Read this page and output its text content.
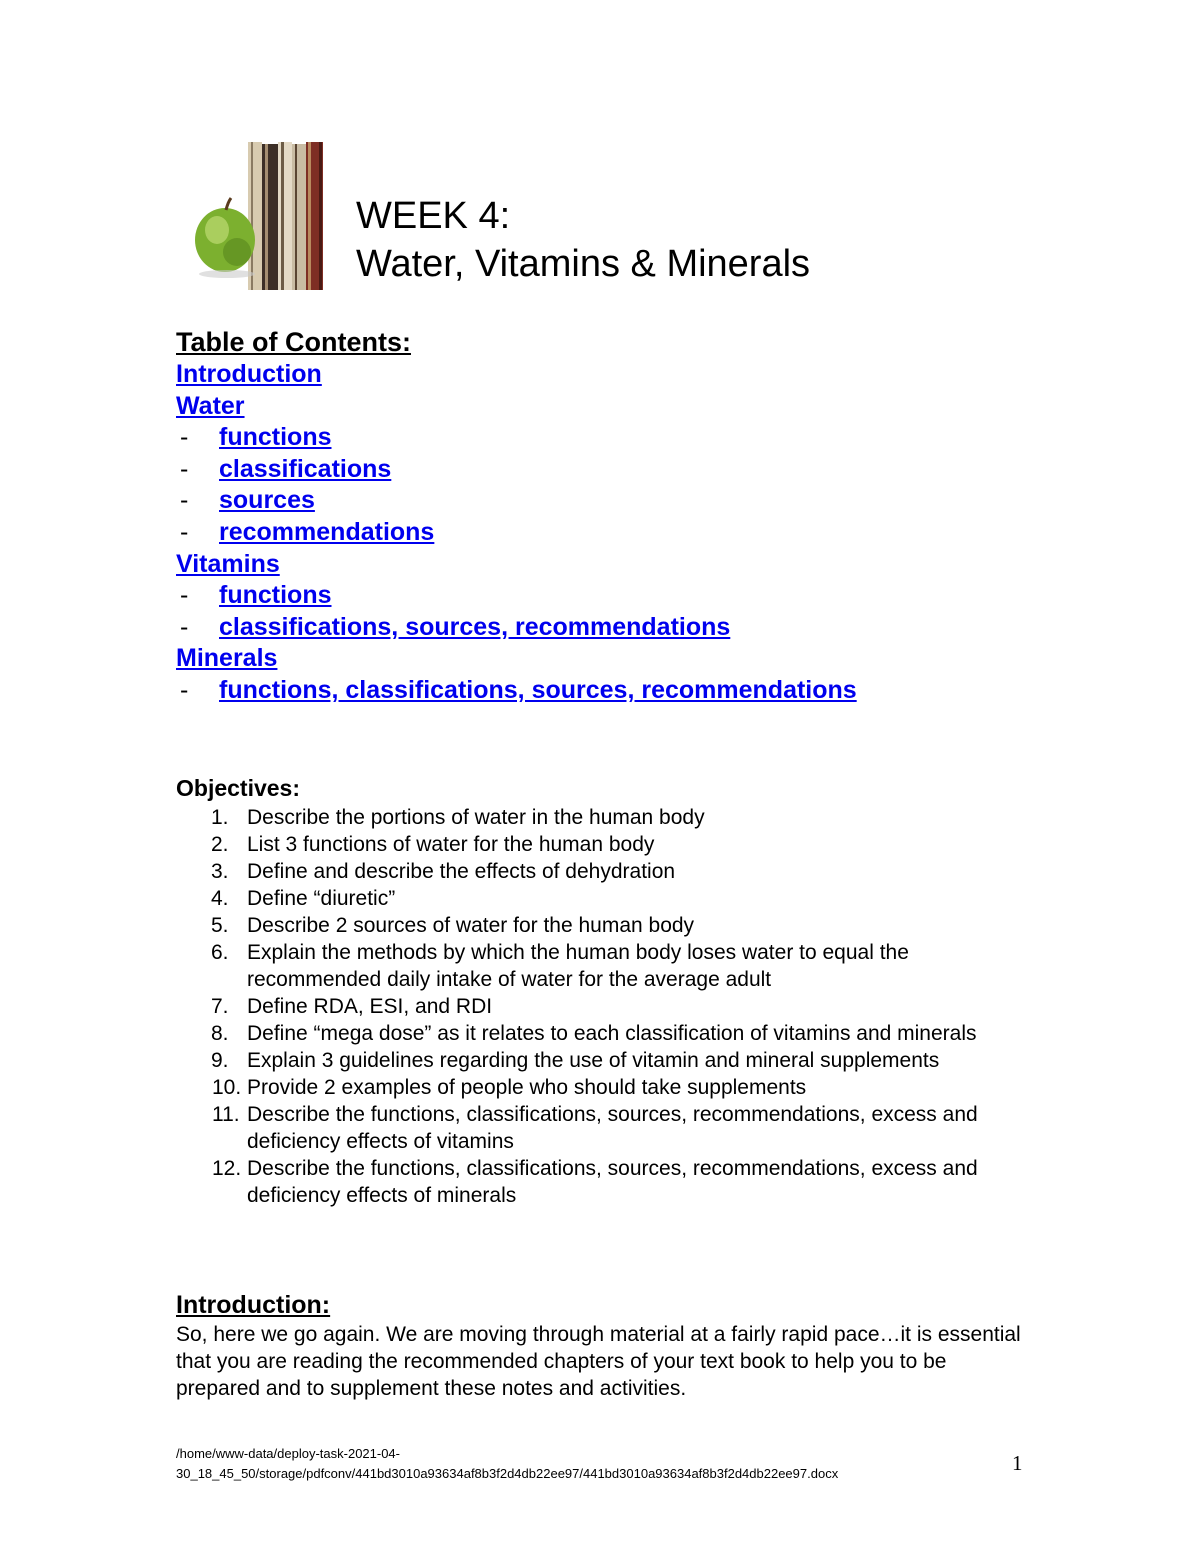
WEEK 4:
Water, Vitamins & Minerals
Table of Contents:
Introduction
Water
- functions
- classifications
- sources
- recommendations
Vitamins
- functions
- classifications, sources, recommendations
Minerals
- functions, classifications, sources, recommendations
Objectives:
1. Describe the portions of water in the human body
2. List 3 functions of water for the human body
3. Define and describe the effects of dehydration
4. Define “diuretic”
5. Describe 2 sources of water for the human body
6. Explain the methods by which the human body loses water to equal the recommended daily intake of water for the average adult
7. Define RDA, ESI, and RDI
8. Define “mega dose” as it relates to each classification of vitamins and minerals
9. Explain 3 guidelines regarding the use of vitamin and mineral supplements
10. Provide 2 examples of people who should take supplements
11. Describe the functions, classifications, sources, recommendations, excess and deficiency effects of vitamins
12. Describe the functions, classifications, sources, recommendations, excess and deficiency effects of minerals
Introduction:
So, here we go again. We are moving through material at a fairly rapid pace…it is essential that you are reading the recommended chapters of your text book to help you to be prepared and to supplement these notes and activities.
/home/www-data/deploy-task-2021-04-
30_18_45_50/storage/pdfconv/441bd3010a93634af8b3f2d4db22ee97/441bd3010a93634af8b3f2d4db22ee97.docx	1
